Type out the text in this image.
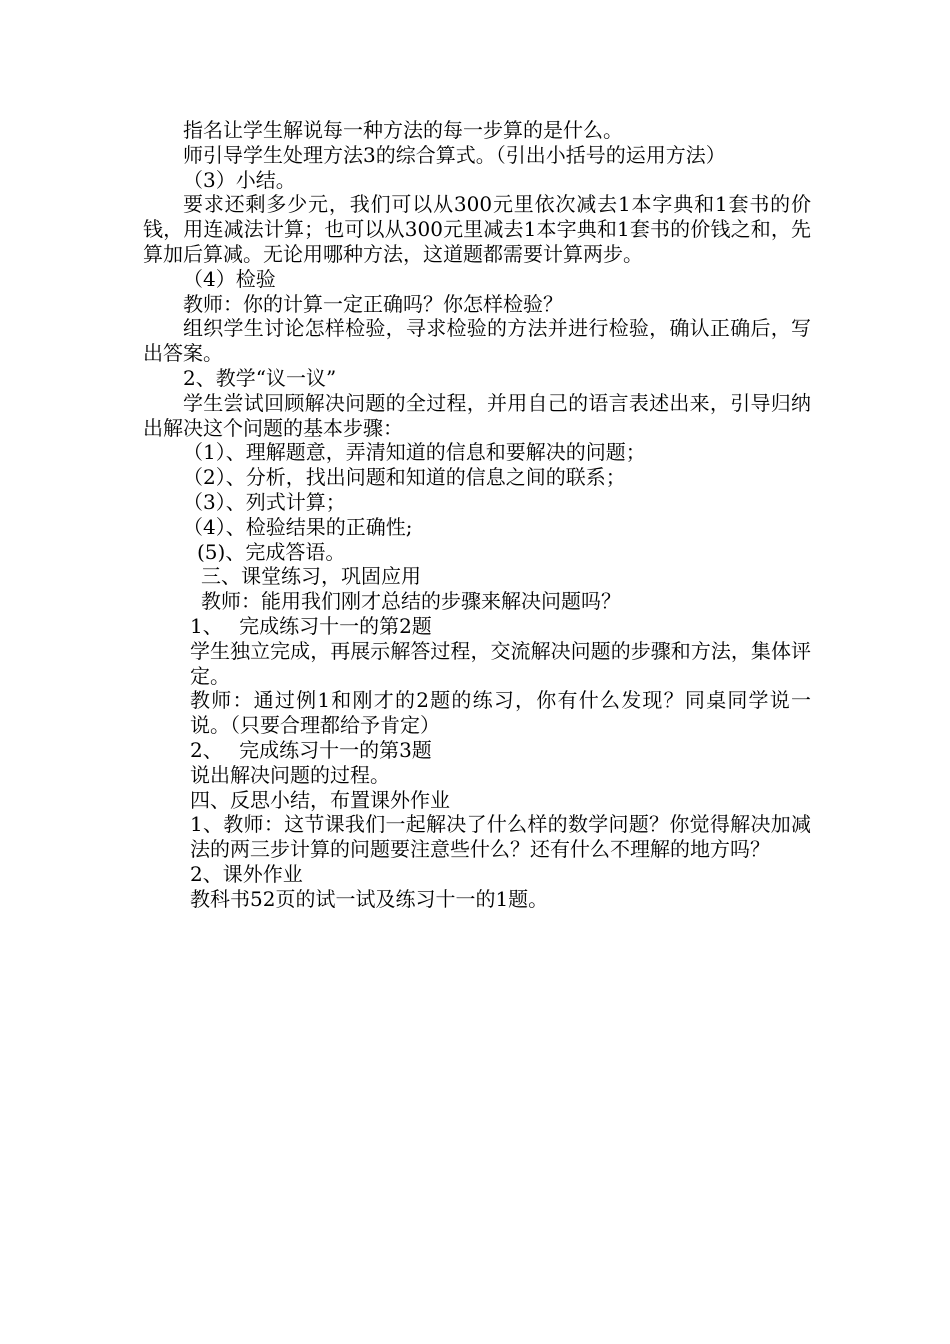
指名让学生解说每一种方法的每一步算的是什么。

师引导学生处理方法3的综合算式。（引出小括号的运用方法）

（3）小结。

要求还剩多少元，我们可以从300元里依次减去1本字典和1套书的价钱，用连减法计算；也可以从300元里减去1本字典和1套书的价钱之和，先算加后算减。无论用哪种方法，这道题都需要计算两步。

（4）检验

教师：你的计算一定正确吗？你怎样检验？

组织学生讨论怎样检验，寻求检验的方法并进行检验，确认正确后，写出答案。

2、教学“议一议”

学生尝试回顾解决问题的全过程，并用自己的语言表述出来，引导归纳出解决这个问题的基本步骤：

（1）、理解题意，弄清知道的信息和要解决的问题；

（2）、分析，找出问题和知道的信息之间的联系；

（3）、列式计算；

（4）、检验结果的正确性;

(5)、完成答语。

三、课堂练习，巩固应用

教师：能用我们刚才总结的步骤来解决问题吗？

1、　 完成练习十一的第2题

学生独立完成，再展示解答过程，交流解决问题的步骤和方法，集体评定。

教师：通过例1和刚才的2题的练习，你有什么发现？同桌同学说一说。（只要合理都给予肯定）

2、　 完成练习十一的第3题

说出解决问题的过程。

四、反思小结，布置课外作业

1、教师：这节课我们一起解决了什么样的数学问题？你觉得解决加减法的两三步计算的问题要注意些什么？还有什么不理解的地方吗？

2、课外作业

教科书52页的试一试及练习十一的1题。
